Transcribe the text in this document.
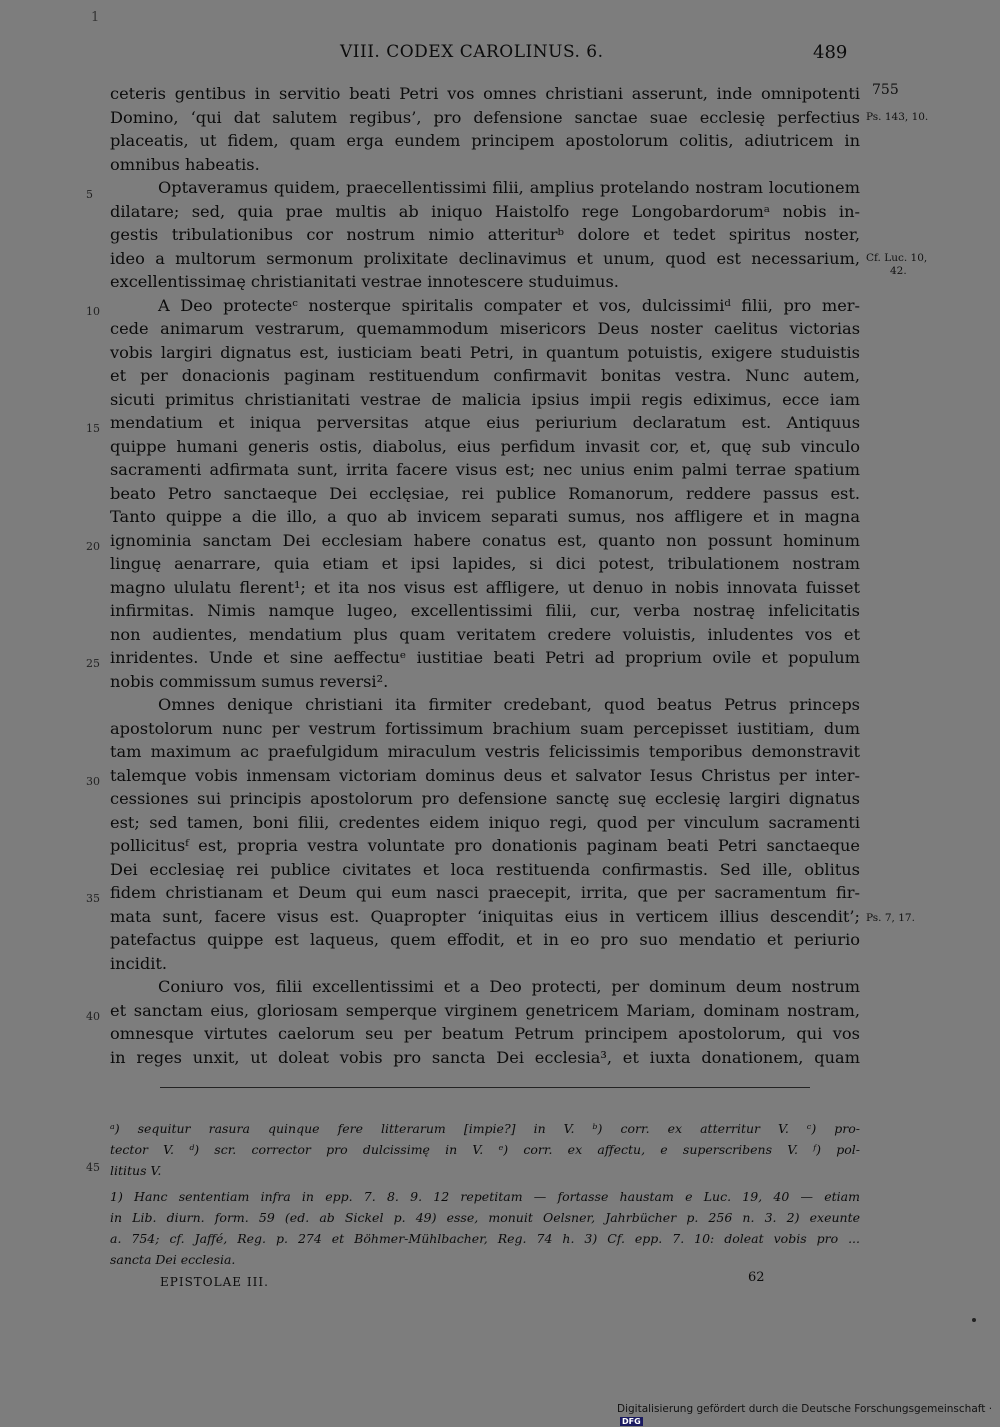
1
VIII. CODEX CAROLINUS. 6.	489
ceteris gentibus in servitio beati Petri vos omnes christiani asserunt, inde omnipotenti
Domino, ‘qui dat salutem regibus’, pro defensione sanctae suae ecclesię perfectius
placeatis, ut fidem, quam erga eundem principem apostolorum colitis, adiutricem in
omnibus habeatis.
Optaveramus quidem, praecellentissimi filii, amplius protelando nostram locutionem
dilatare; sed, quia prae multis ab iniquo Haistolfo rege Longobardorumᵃ nobis in-
gestis tribulationibus cor nostrum nimio atteriturᵇ dolore et tedet spiritus noster,
ideo a multorum sermonum prolixitate declinavimus et unum, quod est necessarium,
excellentissimaę christianitati vestrae innotescere studuimus.
A Deo protecteᶜ nosterque spiritalis compater et vos, dulcissimiᵈ filii, pro mer-
cede animarum vestrarum, quemammodum misericors Deus noster caelitus victorias
vobis largiri dignatus est, iusticiam beati Petri, in quantum potuistis, exigere studuistis
et per donacionis paginam restituendum confirmavit bonitas vestra. Nunc autem,
sicuti primitus christianitati vestrae de malicia ipsius impii regis ediximus, ecce iam
mendatium et iniqua perversitas atque eius periurium declaratum est. Antiquus
quippe humani generis ostis, diabolus, eius perfidum invasit cor, et, quę sub vinculo
sacramenti adfirmata sunt, irrita facere visus est; nec unius enim palmi terrae spatium
beato Petro sanctaeque Dei ecclęsiae, rei publice Romanorum, reddere passus est.
Tanto quippe a die illo, a quo ab invicem separati sumus, nos affligere et in magna
ignominia sanctam Dei ecclesiam habere conatus est, quanto non possunt hominum
linguę aenarrare, quia etiam et ipsi lapides, si dici potest, tribulationem nostram
magno ululatu flerent¹; et ita nos visus est affligere, ut denuo in nobis innovata fuisset
infirmitas. Nimis namque lugeo, excellentissimi filii, cur, verba nostraę infelicitatis
non audientes, mendatium plus quam veritatem credere voluistis, inludentes vos et
inridentes. Unde et sine aeffectuᵉ iustitiae beati Petri ad proprium ovile et populum
nobis commissum sumus reversi².
Omnes denique christiani ita firmiter credebant, quod beatus Petrus princeps
apostolorum nunc per vestrum fortissimum brachium suam percepisset iustitiam, dum
tam maximum ac praefulgidum miraculum vestris felicissimis temporibus demonstravit
talemque vobis inmensam victoriam dominus deus et salvator Iesus Christus per inter-
cessiones sui principis apostolorum pro defensione sanctę suę ecclesię largiri dignatus
est; sed tamen, boni filii, credentes eidem iniquo regi, quod per vinculum sacramenti
pollicitusᶠ est, propria vestra voluntate pro donationis paginam beati Petri sanctaeque
Dei ecclesiaę rei publice civitates et loca restituenda confirmastis. Sed ille, oblitus
fidem christianam et Deum qui eum nasci praecepit, irrita, que per sacramentum fir-
mata sunt, facere visus est. Quapropter ‘iniquitas eius in verticem illius descendit’;
patefactus quippe est laqueus, quem effodit, et in eo pro suo mendatio et periurio
incidit.
Coniuro vos, filii excellentissimi et a Deo protecti, per dominum deum nostrum
et sanctam eius, gloriosam semperque virginem genetricem Mariam, dominam nostram,
omnesque virtutes caelorum seu per beatum Petrum principem apostolorum, qui vos
in reges unxit, ut doleat vobis pro sancta Dei ecclesia³, et iuxta donationem, quam
5
10
15
20
25
30
35
40
45
755
Ps. 143, 10.
Cf. Luc. 10,
42.
Ps. 7, 17.
ᵃ) sequitur rasura quinque fere litterarum [impie?] in V. ᵇ) corr. ex atterritur V. ᶜ) pro-
tector V. ᵈ) scr. corrector pro dulcissimę in V. ᵉ) corr. ex affectu, e superscribens V. ᶠ) pol-
lititus V.
1) Hanc sententiam infra in epp. 7. 8. 9. 12 repetitam — fortasse haustam e Luc. 19, 40 — etiam
in Lib. diurn. form. 59 (ed. ab Sickel p. 49) esse, monuit Oelsner, Jahrbücher p. 256 n. 3. 2) exeunte
a. 754; cf. Jaffé, Reg. p. 274 et Böhmer-Mühlbacher, Reg. 74 h. 3) Cf. epp. 7. 10: doleat vobis pro ...
sancta Dei ecclesia.
EPISTOLAE III.	62
Digitalisierung gefördert durch die Deutsche Forschungsgemeinschaft ·DFG
